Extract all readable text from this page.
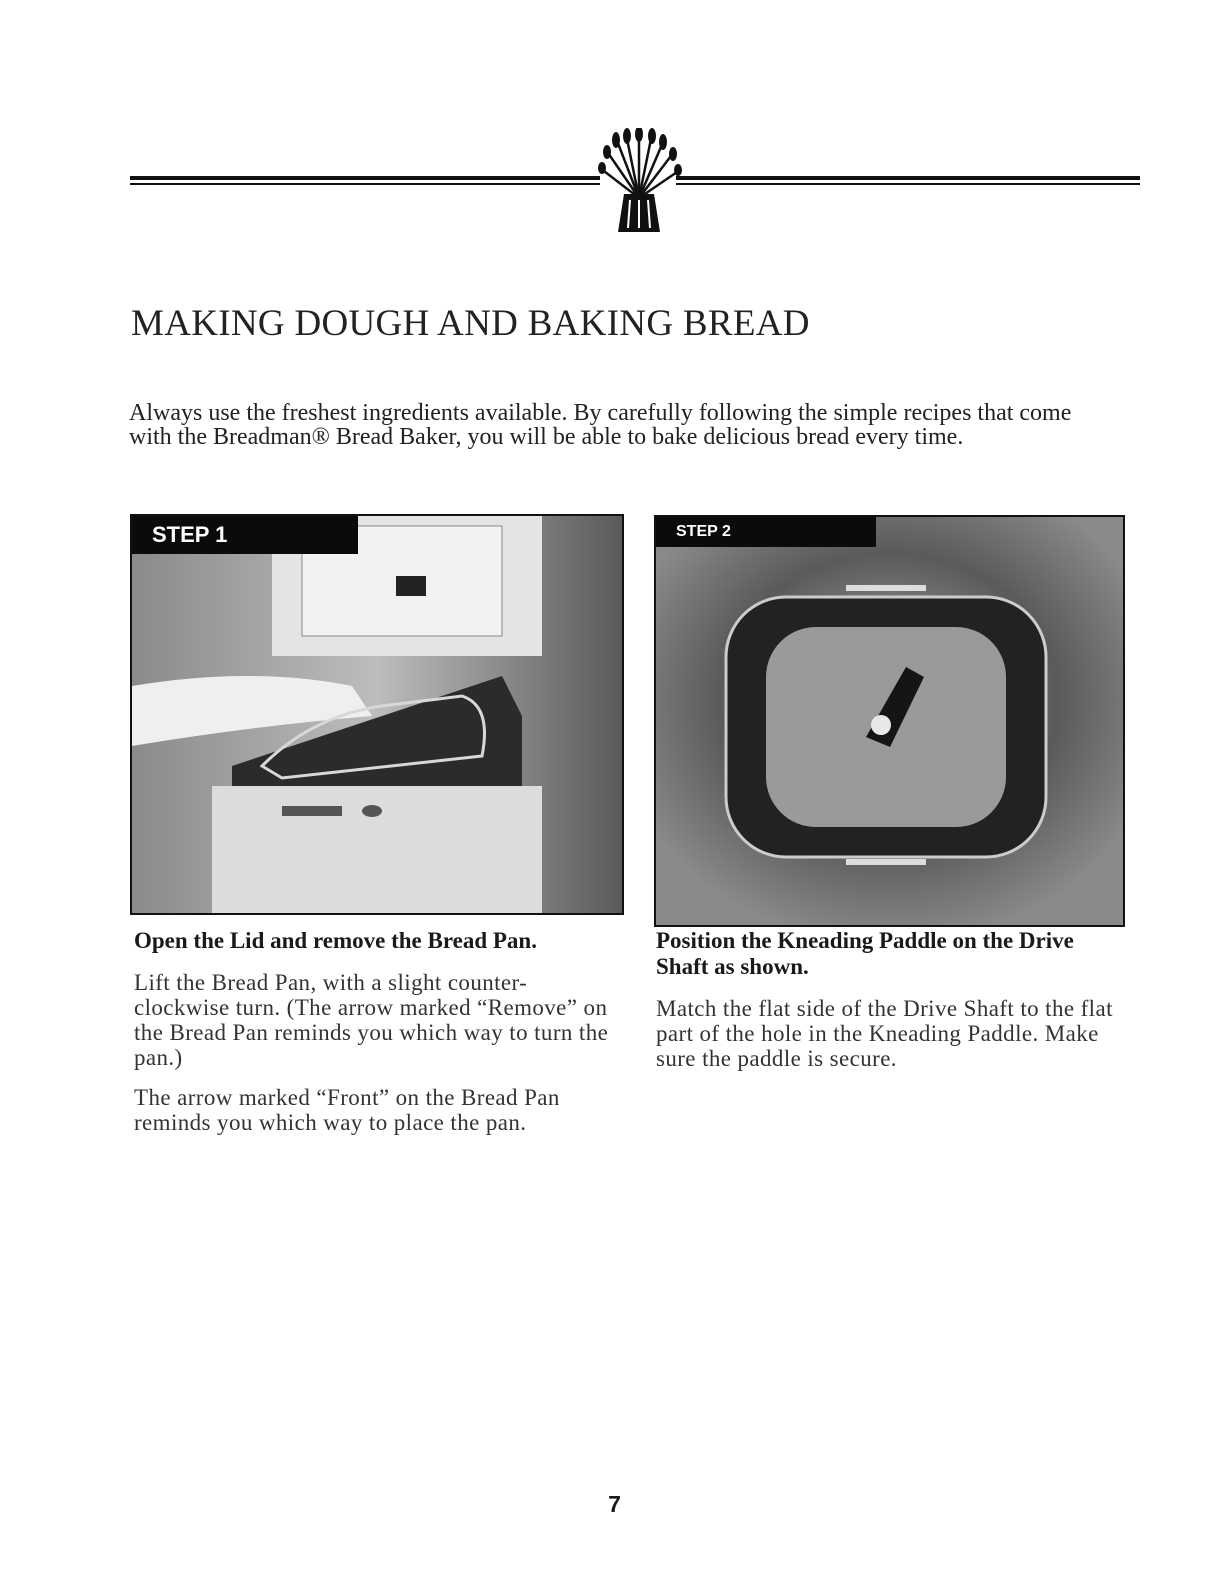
MAKING DOUGH AND BAKING BREAD

Always use the freshest ingredients available. By carefully following the simple recipes that come with the Breadman® Bread Baker, you will be able to bake delicious bread every time.

STEP 1	STEP 2

Open the Lid and remove the Bread Pan.

Lift the Bread Pan, with a slight counter-clockwise turn. (The arrow marked “Remove” on the Bread Pan reminds you which way to turn the pan.)

The arrow marked “Front” on the Bread Pan reminds you which way to place the pan.

Position the Kneading Paddle on the Drive Shaft as shown.

Match the flat side of the Drive Shaft to the flat part of the hole in the Kneading Paddle. Make sure the paddle is secure.

7
